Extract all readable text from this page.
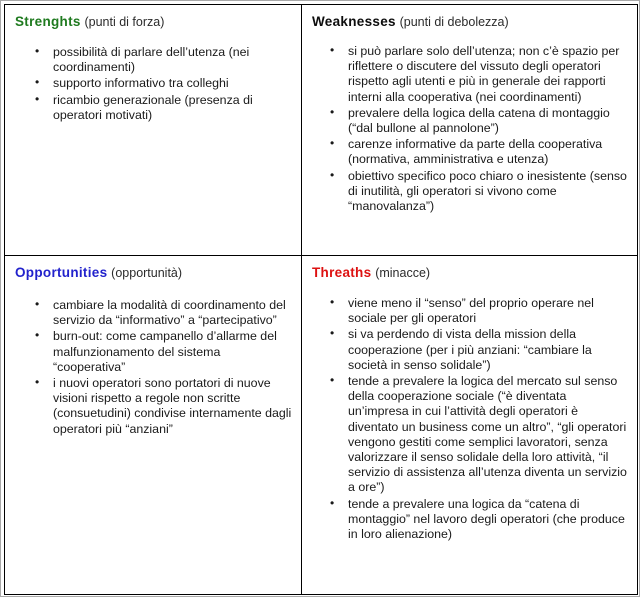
Strenghts (punti di forza)
• possibilità di parlare dell’utenza (nei coordinamenti)
• supporto informativo tra colleghi
• ricambio generazionale (presenza di operatori motivati)
Weaknesses (punti di debolezza)
• si può parlare solo dell’utenza; non c’è spazio per riflettere o discutere del vissuto degli operatori rispetto agli utenti e più in generale dei rapporti interni alla cooperativa (nei coordinamenti)
• prevalere della logica della catena di montaggio (“dal bullone al pannolone”)
• carenze informative da parte della cooperativa (normativa, amministrativa e utenza)
• obiettivo specifico poco chiaro o inesistente (senso di inutilità, gli operatori si vivono come “manovalanza”)
Opportunities (opportunità)
• cambiare la modalità di coordinamento del servizio da “informativo” a “partecipativo”
• burn-out: come campanello d’allarme del malfunzionamento del sistema “cooperativa”
• i nuovi operatori sono portatori di nuove visioni rispetto a regole non scritte (consuetudini) condivise internamente dagli operatori più “anziani”
Threaths (minacce)
• viene meno il “senso” del proprio operare nel sociale per gli operatori
• si va perdendo di vista della mission della cooperazione (per i più anziani: “cambiare la società in senso solidale”)
• tende a prevalere la logica del mercato sul senso della cooperazione sociale (“è diventata un’impresa in cui l’attività degli operatori è diventato un business come un altro”, “gli operatori vengono gestiti come semplici lavoratori, senza valorizzare il senso solidale della loro attività, “il servizio di assistenza all’utenza diventa un servizio a ore”)
• tende a prevalere una logica da “catena di montaggio” nel lavoro degli operatori (che produce in loro alienazione)
